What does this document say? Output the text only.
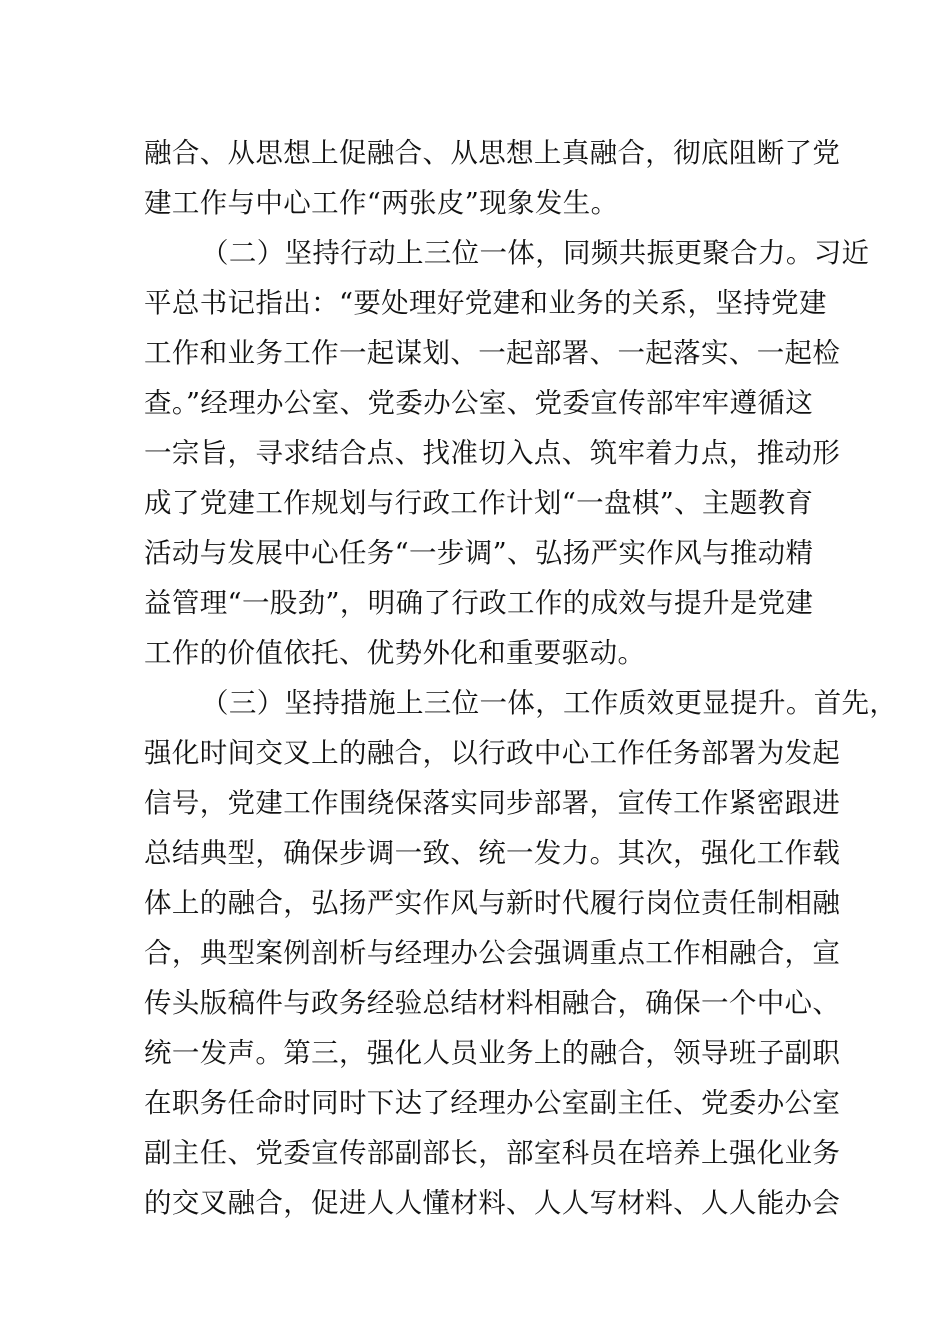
融合、从思想上促融合、从思想上真融合，彻底阻断了党
建工作与中心工作“两张皮”现象发生。
（二）坚持行动上三位一体，同频共振更聚合力。习近
平总书记指出：“要处理好党建和业务的关系，坚持党建
工作和业务工作一起谋划、一起部署、一起落实、一起检
查。”经理办公室、党委办公室、党委宣传部牢牢遵循这
一宗旨，寻求结合点、找准切入点、筑牢着力点，推动形
成了党建工作规划与行政工作计划“一盘棋”、主题教育
活动与发展中心任务“一步调”、弘扬严实作风与推动精
益管理“一股劲”，明确了行政工作的成效与提升是党建
工作的价值依托、优势外化和重要驱动。
（三）坚持措施上三位一体，工作质效更显提升。首先，
强化时间交叉上的融合，以行政中心工作任务部署为发起
信号，党建工作围绕保落实同步部署，宣传工作紧密跟进
总结典型，确保步调一致、统一发力。其次，强化工作载
体上的融合，弘扬严实作风与新时代履行岗位责任制相融
合，典型案例剖析与经理办公会强调重点工作相融合，宣
传头版稿件与政务经验总结材料相融合，确保一个中心、
统一发声。第三，强化人员业务上的融合，领导班子副职
在职务任命时同时下达了经理办公室副主任、党委办公室
副主任、党委宣传部副部长，部室科员在培养上强化业务
的交叉融合，促进人人懂材料、人人写材料、人人能办会
